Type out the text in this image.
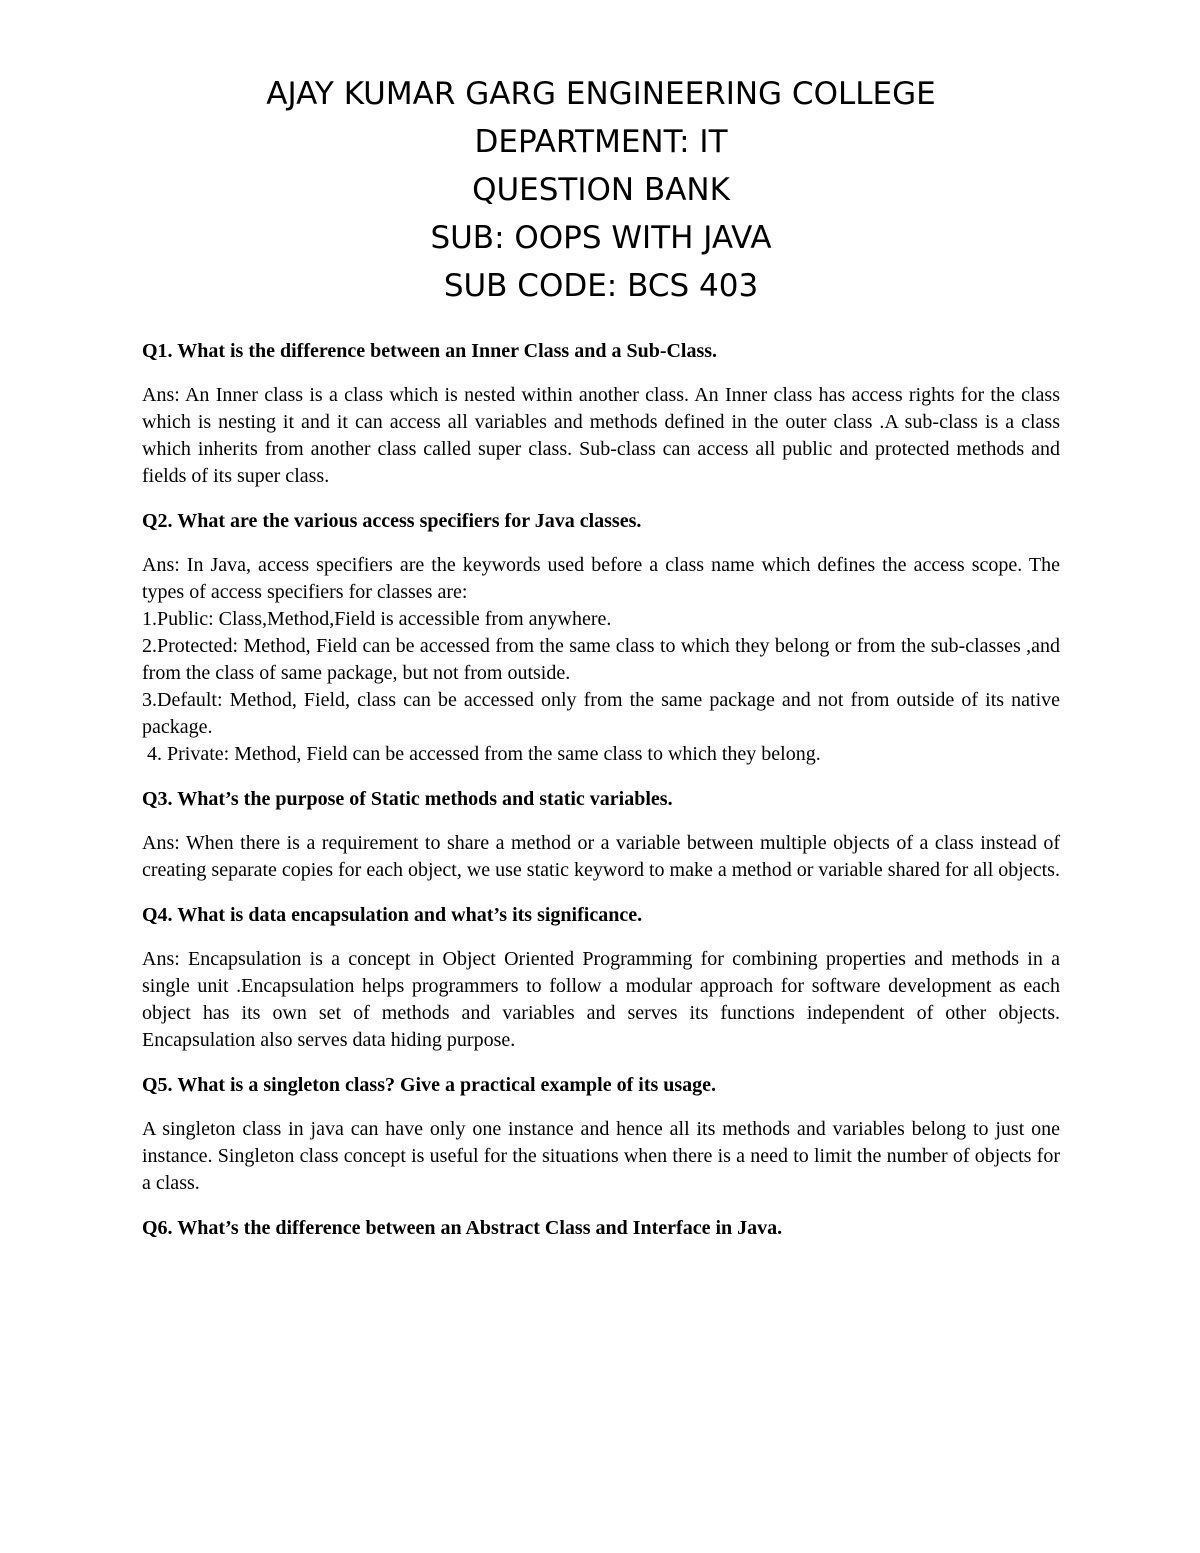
AJAY KUMAR GARG ENGINEERING COLLEGE
DEPARTMENT: IT
QUESTION BANK
SUB: OOPS WITH JAVA
SUB CODE: BCS 403
Q1. What is the difference between an Inner Class and a Sub-Class.
Ans: An Inner class is a class which is nested within another class. An Inner class has access rights for the class which is nesting it and it can access all variables and methods defined in the outer class .A sub-class is a class which inherits from another class called super class. Sub-class can access all public and protected methods and fields of its super class.
Q2. What are the various access specifiers for Java classes.
Ans: In Java, access specifiers are the keywords used before a class name which defines the access scope. The types of access specifiers for classes are:
1.Public: Class,Method,Field is accessible from anywhere.
2.Protected: Method, Field can be accessed from the same class to which they belong or from the sub-classes ,and from the class of same package, but not from outside.
3.Default: Method, Field, class can be accessed only from the same package and not from outside of its native package.
4. Private: Method, Field can be accessed from the same class to which they belong.
Q3. What’s the purpose of Static methods and static variables.
Ans: When there is a requirement to share a method or a variable between multiple objects of a class instead of creating separate copies for each object, we use static keyword to make a method or variable shared for all objects.
Q4. What is data encapsulation and what’s its significance.
Ans: Encapsulation is a concept in Object Oriented Programming for combining properties and methods in a single unit .Encapsulation helps programmers to follow a modular approach for software development as each object has its own set of methods and variables and serves its functions independent of other objects. Encapsulation also serves data hiding purpose.
Q5. What is a singleton class? Give a practical example of its usage.
A singleton class in java can have only one instance and hence all its methods and variables belong to just one instance. Singleton class concept is useful for the situations when there is a need to limit the number of objects for a class.
Q6. What’s the difference between an Abstract Class and Interface in Java.
